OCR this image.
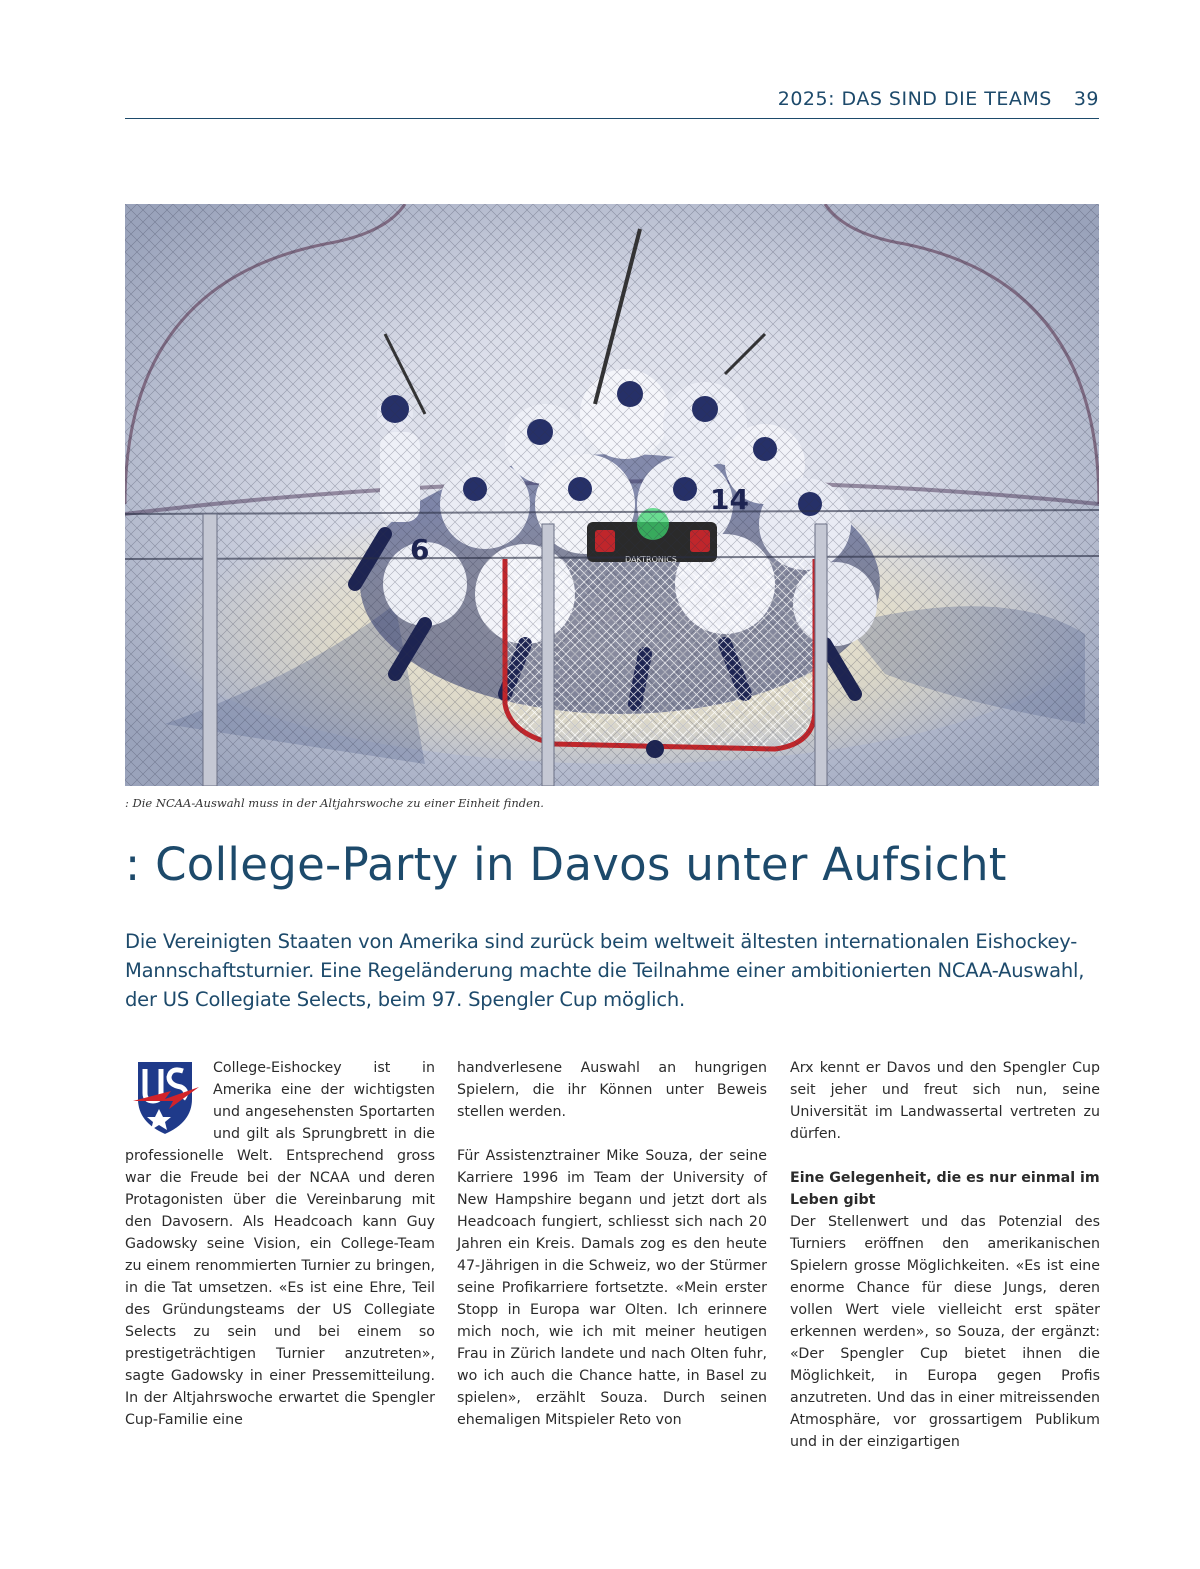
2025: DAS SIND DIE TEAMS 39
: Die NCAA-Auswahl muss in der Altjahrswoche zu einer Einheit finden.
: College-Party in Davos unter Aufsicht

Die Vereinigten Staaten von Amerika sind zurück beim weltweit ältesten internationalen Eishockey-Mannschaftsturnier. Eine Regeländerung machte die Teilnahme einer ambitionierten NCAA-Auswahl, der US Collegiate Selects, beim 97. Spengler Cup möglich.

College-Eishockey ist in Amerika eine der wichtigsten und angesehensten Sportarten und gilt als Sprungbrett in die professionelle Welt. Entsprechend gross war die Freude bei der NCAA und deren Protagonisten über die Vereinbarung mit den Davosern. Als Headcoach kann Guy Gadowsky seine Vision, ein College-Team zu einem renommierten Turnier zu bringen, in die Tat umsetzen. «Es ist eine Ehre, Teil des Gründungsteams der US Collegiate Selects zu sein und bei einem so prestigeträchtigen Turnier anzutreten», sagte Gadowsky in einer Pressemitteilung. In der Altjahrswoche erwartet die Spengler Cup-Familie eine

handverlesene Auswahl an hungrigen Spielern, die ihr Können unter Beweis stellen werden.

Für Assistenztrainer Mike Souza, der seine Karriere 1996 im Team der University of New Hampshire begann und jetzt dort als Headcoach fungiert, schliesst sich nach 20 Jahren ein Kreis. Damals zog es den heute 47-Jährigen in die Schweiz, wo der Stürmer seine Profikarriere fortsetzte. «Mein erster Stopp in Europa war Olten. Ich erinnere mich noch, wie ich mit meiner heutigen Frau in Zürich landete und nach Olten fuhr, wo ich auch die Chance hatte, in Basel zu spielen», erzählt Souza. Durch seinen ehemaligen Mitspieler Reto von

Arx kennt er Davos und den Spengler Cup seit jeher und freut sich nun, seine Universität im Landwassertal vertreten zu dürfen.

Eine Gelegenheit, die es nur einmal im Leben gibt

Der Stellenwert und das Potenzial des Turniers eröffnen den amerikanischen Spielern grosse Möglichkeiten. «Es ist eine enorme Chance für diese Jungs, deren vollen Wert viele vielleicht erst später erkennen werden», so Souza, der ergänzt: «Der Spengler Cup bietet ihnen die Möglichkeit, in Europa gegen Profis anzutreten. Und das in einer mitreissenden Atmosphäre, vor grossartigem Publikum und in der einzigartigen
